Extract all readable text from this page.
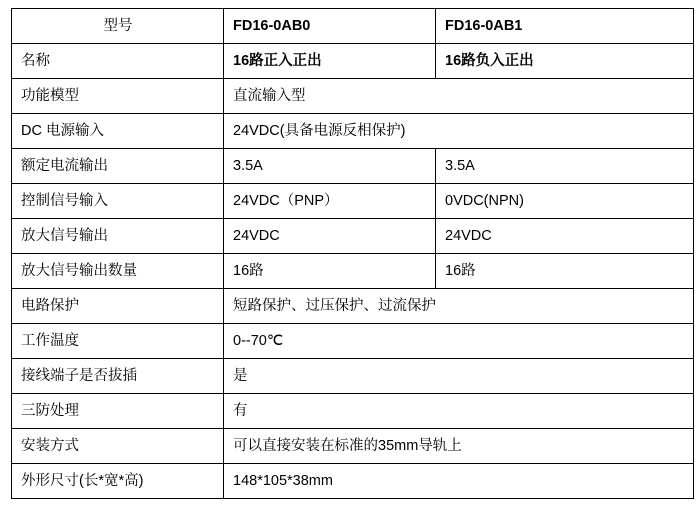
型号	FD16-0AB0	FD16-0AB1
名称	16路正入正出	16路负入正出
功能模型	直流输入型	
DC 电源输入	24VDC(具备电源反相保护)	
额定电流输出	3.5A	3.5A
控制信号输入	24VDC（PNP）	0VDC(NPN)
放大信号输出	24VDC	24VDC
放大信号输出数量	16路	16路
电路保护	短路保护、过压保护、过流保护	
工作温度	0--70℃	
接线端子是否拔插	是	
三防处理	有	
安装方式	可以直接安装在标准的35mm导轨上	
外形尺寸(长*宽*高)	148*105*38mm	
